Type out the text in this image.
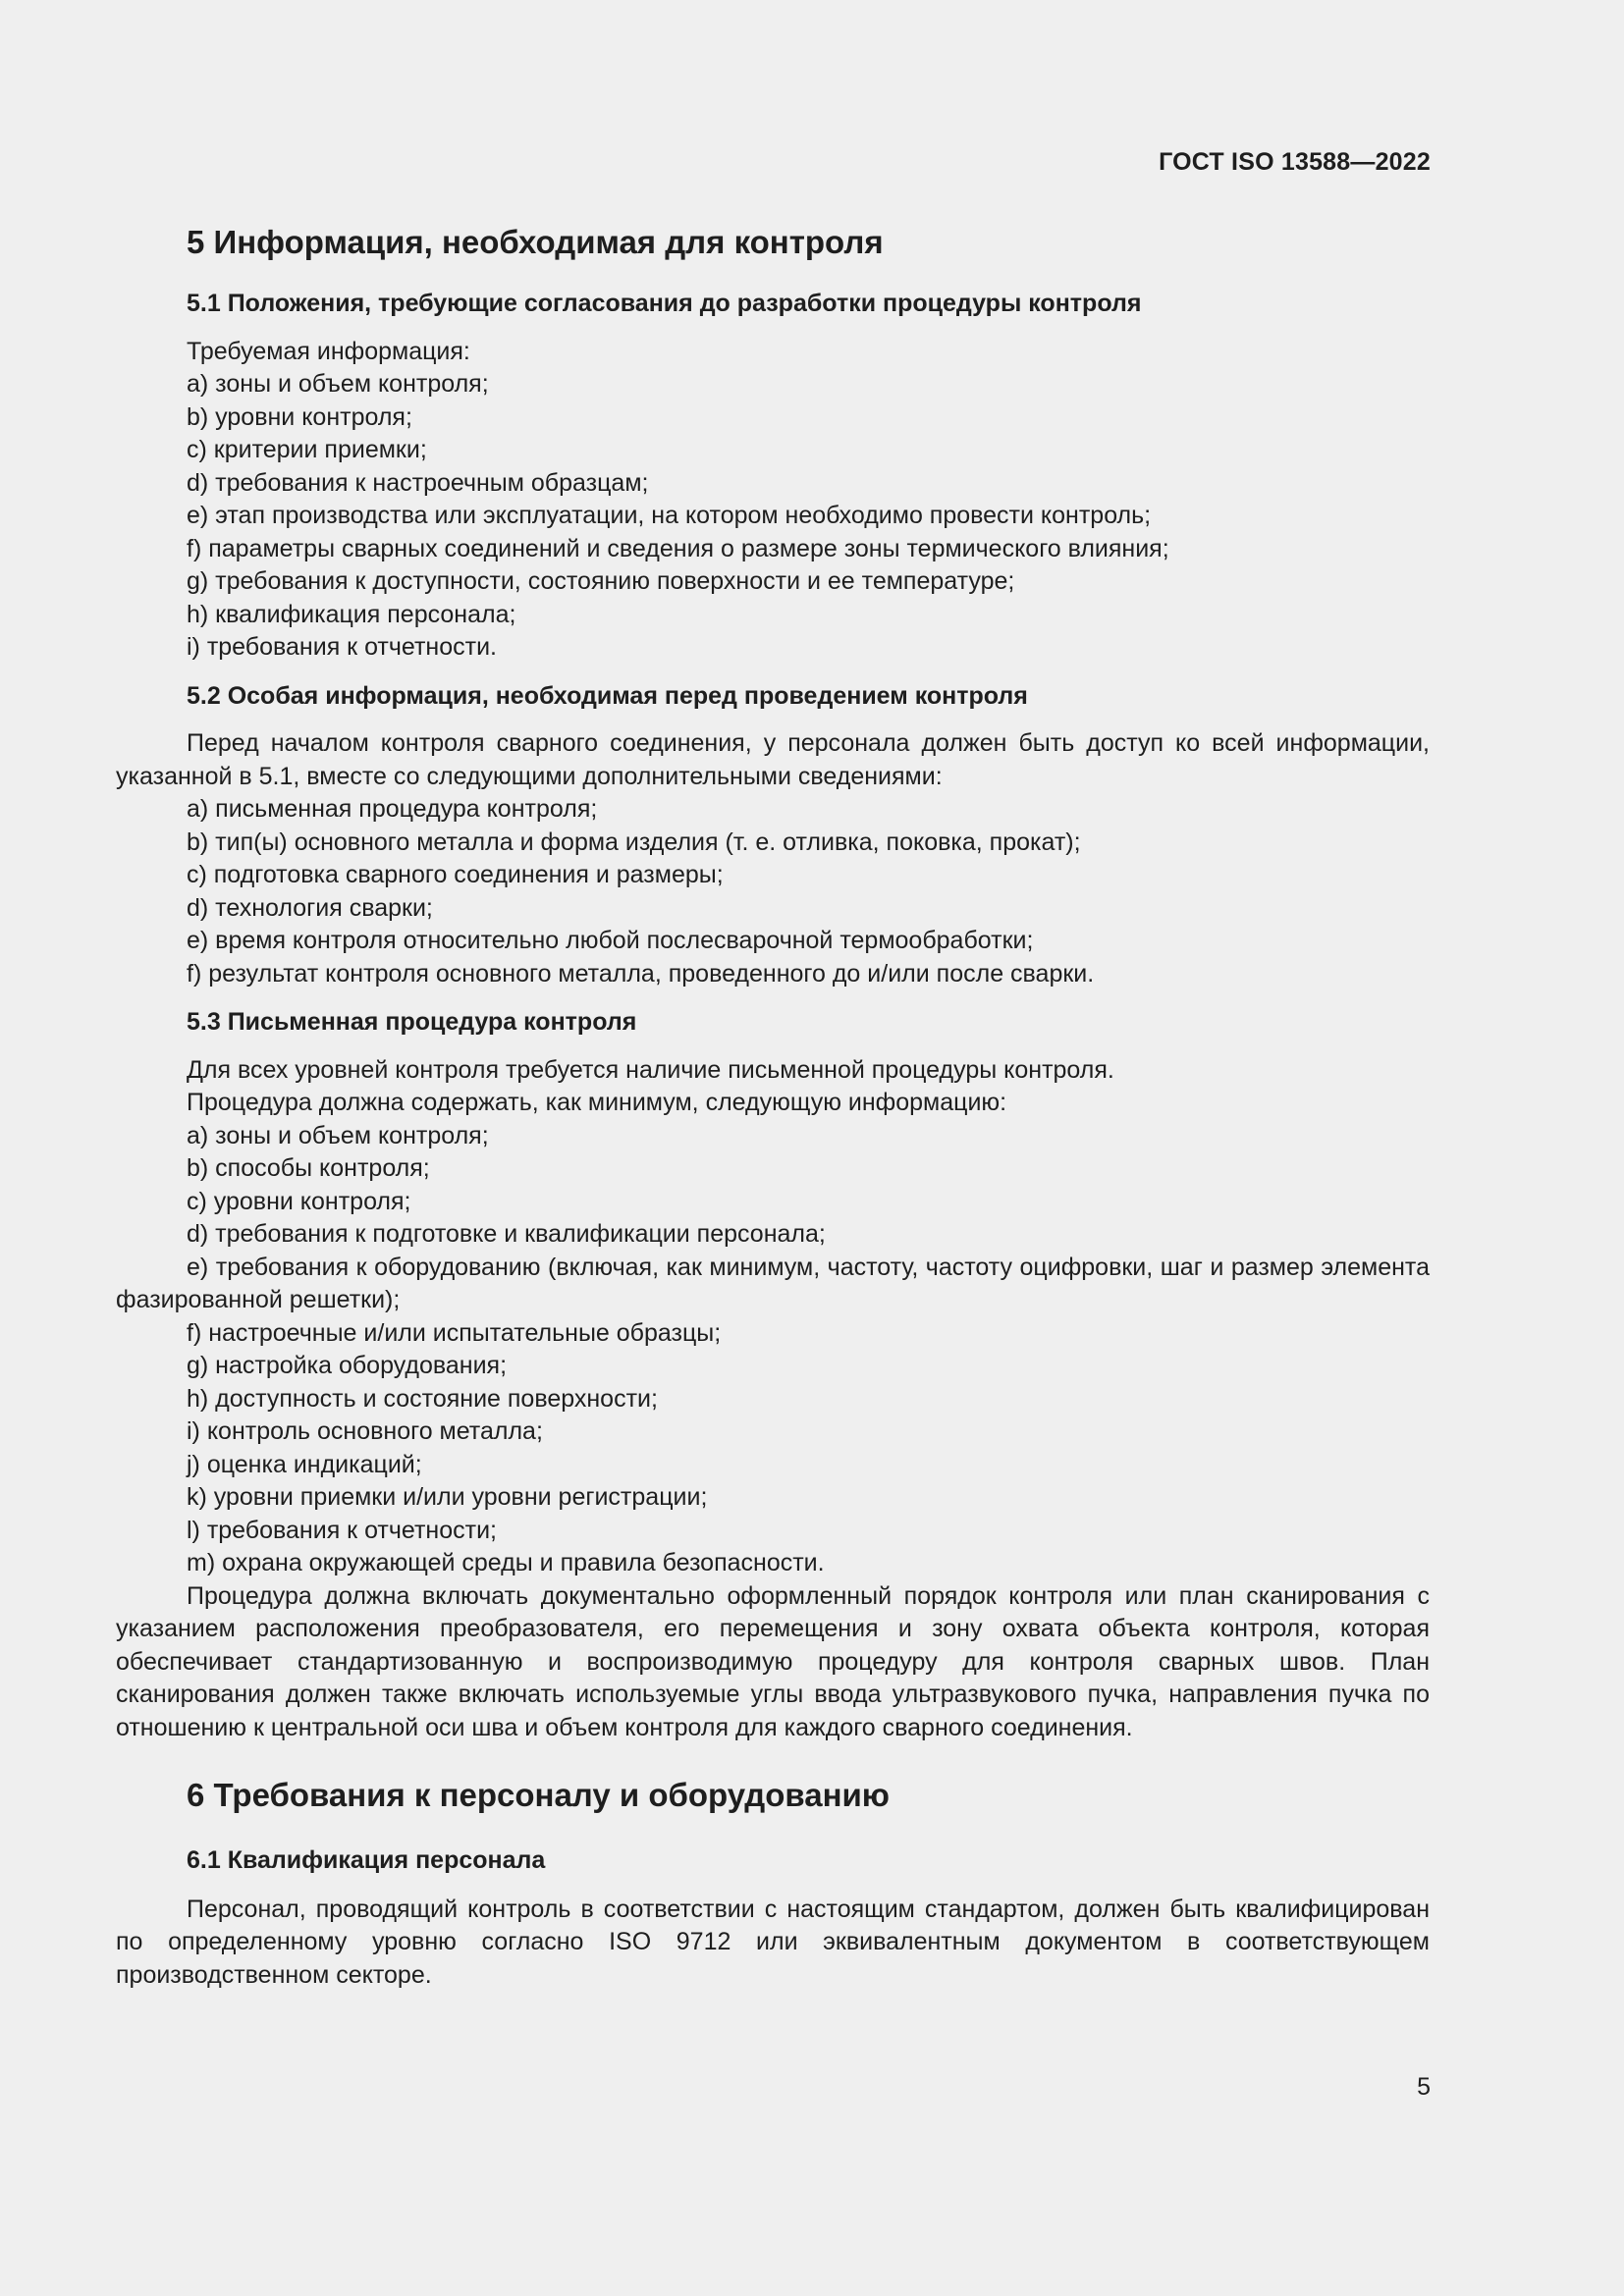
ГОСТ ISO 13588—2022
5 Информация, необходимая для контроля
5.1 Положения, требующие согласования до разработки процедуры контроля

Требуемая информация:

a) зоны и объем контроля;
b) уровни контроля;
c) критерии приемки;
d) требования к настроечным образцам;
e) этап производства или эксплуатации, на котором необходимо провести контроль;
f) параметры сварных соединений и сведения о размере зоны термического влияния;
g) требования к доступности, состоянию поверхности и ее температуре;
h) квалификация персонала;
i) требования к отчетности.
5.2 Особая информация, необходимая перед проведением контроля

Перед началом контроля сварного соединения, у персонала должен быть доступ ко всей информации, указанной в 5.1, вместе со следующими дополнительными сведениями:

a) письменная процедура контроля;
b) тип(ы) основного металла и форма изделия (т. е. отливка, поковка, прокат);
c) подготовка сварного соединения и размеры;
d) технология сварки;
e) время контроля относительно любой послесварочной термообработки;
f) результат контроля основного металла, проведенного до и/или после сварки.
5.3 Письменная процедура контроля

Для всех уровней контроля требуется наличие письменной процедуры контроля.

Процедура должна содержать, как минимум, следующую информацию:

a) зоны и объем контроля;
b) способы контроля;
c) уровни контроля;
d) требования к подготовке и квалификации персонала;
e) требования к оборудованию (включая, как минимум, частоту, частоту оцифровки, шаг и размер элемента фазированной решетки);
f) настроечные и/или испытательные образцы;
g) настройка оборудования;
h) доступность и состояние поверхности;
i) контроль основного металла;
j) оценка индикаций;
k) уровни приемки и/или уровни регистрации;
l) требования к отчетности;
m) охрана окружающей среды и правила безопасности.

Процедура должна включать документально оформленный порядок контроля или план сканирования с указанием расположения преобразователя, его перемещения и зону охвата объекта контроля, которая обеспечивает стандартизованную и воспроизводимую процедуру для контроля сварных швов. План сканирования должен также включать используемые углы ввода ультразвукового пучка, направления пучка по отношению к центральной оси шва и объем контроля для каждого сварного соединения.

6 Требования к персоналу и оборудованию
6.1 Квалификация персонала

Персонал, проводящий контроль в соответствии с настоящим стандартом, должен быть квалифицирован по определенному уровню согласно ISO 9712 или эквивалентным документом в соответствующем производственном секторе.

5
